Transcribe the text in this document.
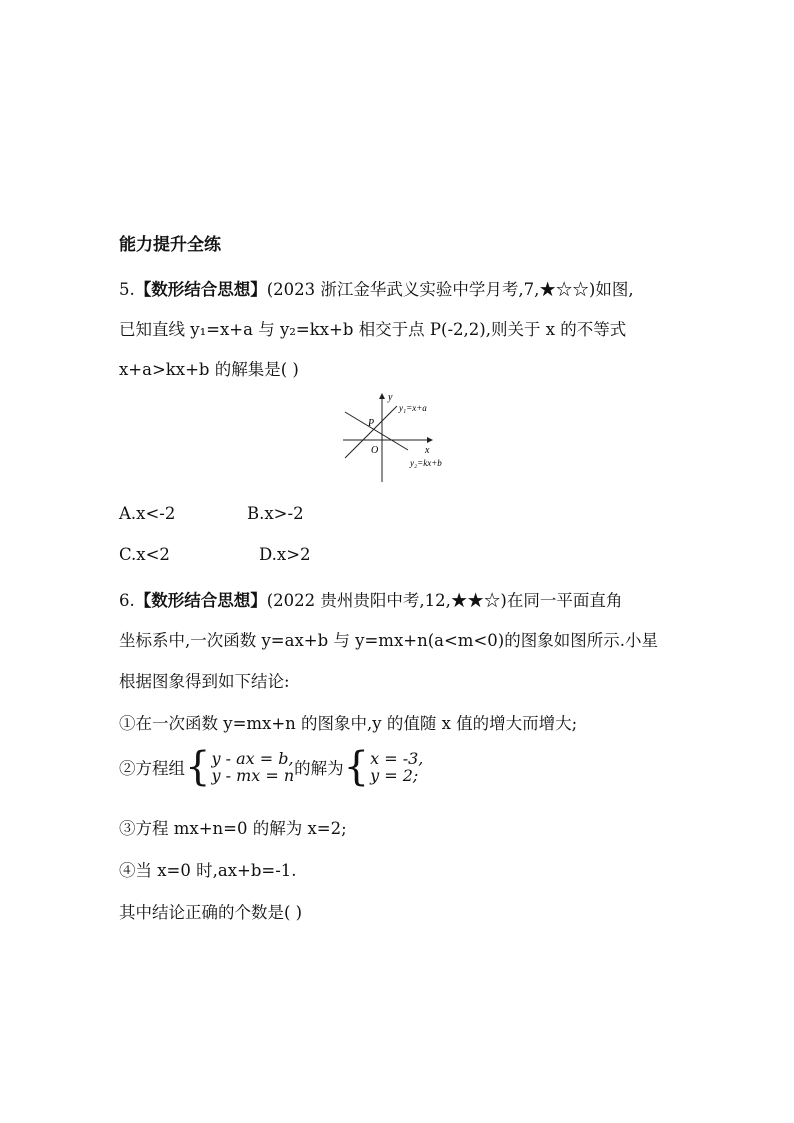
能力提升全练
5.【数形结合思想】(2023 浙江金华武义实验中学月考,7,★☆☆)如图,
已知直线 y₁=x+a 与 y₂=kx+b 相交于点 P(-2,2),则关于 x 的不等式
x+a>kx+b 的解集是( )
y
x
O
P
y₁=x+a
y₂=kx+b
A.x<-2	B.x>-2
C.x<2	D.x>2
6.【数形结合思想】(2022 贵州贵阳中考,12,★★☆)在同一平面直角
坐标系中,一次函数 y=ax+b 与 y=mx+n(a<m<0)的图象如图所示.小星
根据图象得到如下结论:
①在一次函数 y=mx+n 的图象中,y 的值随 x 值的增大而增大;
②方程组 { y - ax = b,
y - mx = n 的解为 { x = -3,
y = 2;
③方程 mx+n=0 的解为 x=2;
④当 x=0 时,ax+b=-1.
其中结论正确的个数是( )
